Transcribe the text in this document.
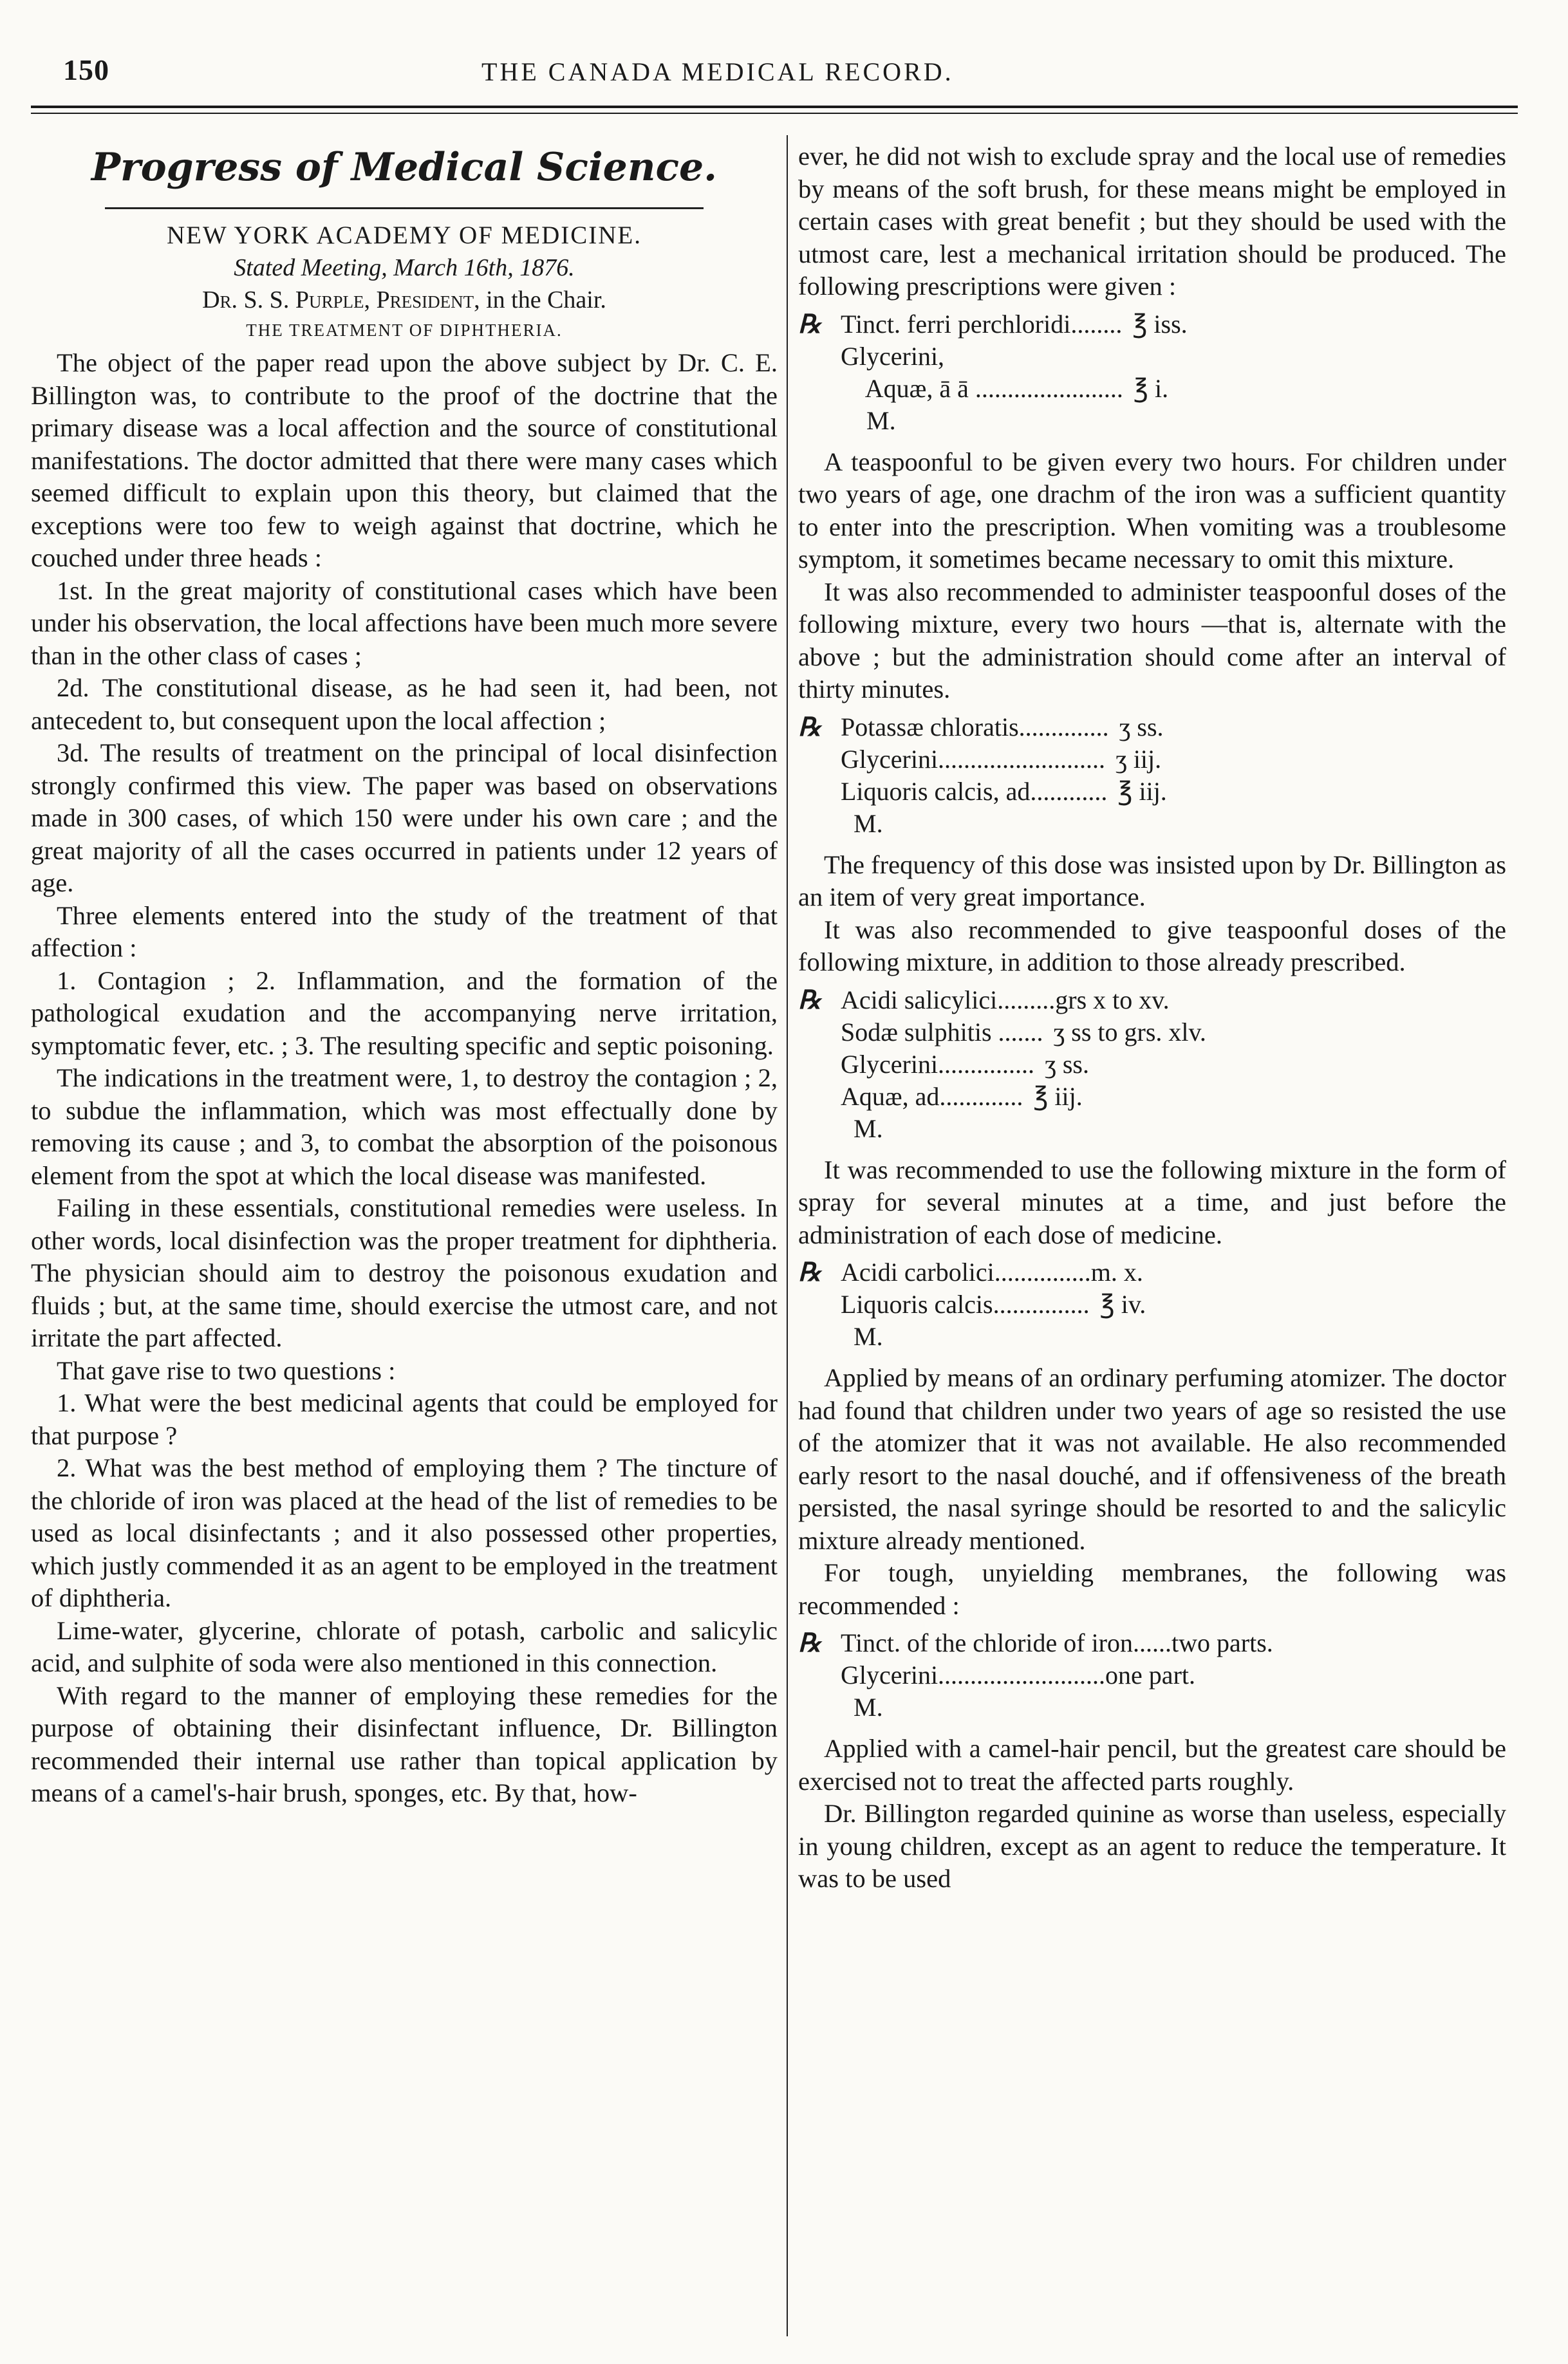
150	THE CANADA MEDICAL RECORD.
Progress of Medical Science.
NEW YORK ACADEMY OF MEDICINE.
Stated Meeting, March 16th, 1876.
Dr. S. S. Purple, President, in the Chair.
THE TREATMENT OF DIPHTHERIA.

The object of the paper read upon the above subject by Dr. C. E. Billington was, to contribute to the proof of the doctrine that the primary disease was a local affection and the source of constitutional manifestations. The doctor admitted that there were many cases which seemed difficult to explain upon this theory, but claimed that the exceptions were too few to weigh against that doctrine, which he couched under three heads :

1st. In the great majority of constitutional cases which have been under his observation, the local affections have been much more severe than in the other class of cases ;

2d. The constitutional disease, as he had seen it, had been, not antecedent to, but consequent upon the local affection ;

3d. The results of treatment on the principal of local disinfection strongly confirmed this view. The paper was based on observations made in 300 cases, of which 150 were under his own care ; and the great majority of all the cases occurred in patients under 12 years of age.

Three elements entered into the study of the treatment of that affection :

1. Contagion ; 2. Inflammation, and the formation of the pathological exudation and the accompanying nerve irritation, symptomatic fever, etc. ; 3. The resulting specific and septic poisoning.

The indications in the treatment were, 1, to destroy the contagion ; 2, to subdue the inflammation, which was most effectually done by removing its cause ; and 3, to combat the absorption of the poisonous element from the spot at which the local disease was manifested.

Failing in these essentials, constitutional remedies were useless. In other words, local disinfection was the proper treatment for diphtheria. The physician should aim to destroy the poisonous exudation and fluids ; but, at the same time, should exercise the utmost care, and not irritate the part affected.

That gave rise to two questions :

1. What were the best medicinal agents that could be employed for that purpose ?

2. What was the best method of employing them ? The tincture of the chloride of iron was placed at the head of the list of remedies to be used as local disinfectants ; and it also possessed other properties, which justly commended it as an agent to be employed in the treatment of diphtheria.

Lime-water, glycerine, chlorate of potash, carbolic and salicylic acid, and sulphite of soda were also mentioned in this connection.

With regard to the manner of employing these remedies for the purpose of obtaining their disinfectant influence, Dr. Billington recommended their internal use rather than topical application by means of a camel's-hair brush, sponges, etc. By that, how-

ever, he did not wish to exclude spray and the local use of remedies by means of the soft brush, for these means might be employed in certain cases with great benefit ; but they should be used with the utmost care, lest a mechanical irritation should be produced. The following prescriptions were given :

℞ Tinct. ferri perchloridi........ ℥ iss.
Glycerini,
Aquæ, ā ā ....................... ℥ i.
M.

A teaspoonful to be given every two hours. For children under two years of age, one drachm of the iron was a sufficient quantity to enter into the prescription. When vomiting was a troublesome symptom, it sometimes became necessary to omit this mixture.

It was also recommended to administer teaspoonful doses of the following mixture, every two hours —that is, alternate with the above ; but the administration should come after an interval of thirty minutes.

℞ Potassæ chloratis.............. ʒ ss.
Glycerini.......................... ʒ iij.
Liquoris calcis, ad............ ℥ iij.
M.

The frequency of this dose was insisted upon by Dr. Billington as an item of very great importance.

It was also recommended to give teaspoonful doses of the following mixture, in addition to those already prescribed.

℞ Acidi salicylici.........grs x to xv.
Sodæ sulphitis ....... ʒ ss to grs. xlv.
Glycerini............... ʒ ss.
Aquæ, ad............. ℥ iij.
M.

It was recommended to use the following mixture in the form of spray for several minutes at a time, and just before the administration of each dose of medicine.

℞ Acidi carbolici...............m. x.
Liquoris calcis............... ℥ iv.
M.

Applied by means of an ordinary perfuming atomizer. The doctor had found that children under two years of age so resisted the use of the atomizer that it was not available. He also recommended early resort to the nasal douché, and if offensiveness of the breath persisted, the nasal syringe should be resorted to and the salicylic mixture already mentioned.

For tough, unyielding membranes, the following was recommended :

℞ Tinct. of the chloride of iron......two parts.
Glycerini..........................one part.
M.

Applied with a camel-hair pencil, but the greatest care should be exercised not to treat the affected parts roughly.

Dr. Billington regarded quinine as worse than useless, especially in young children, except as an agent to reduce the temperature. It was to be used
